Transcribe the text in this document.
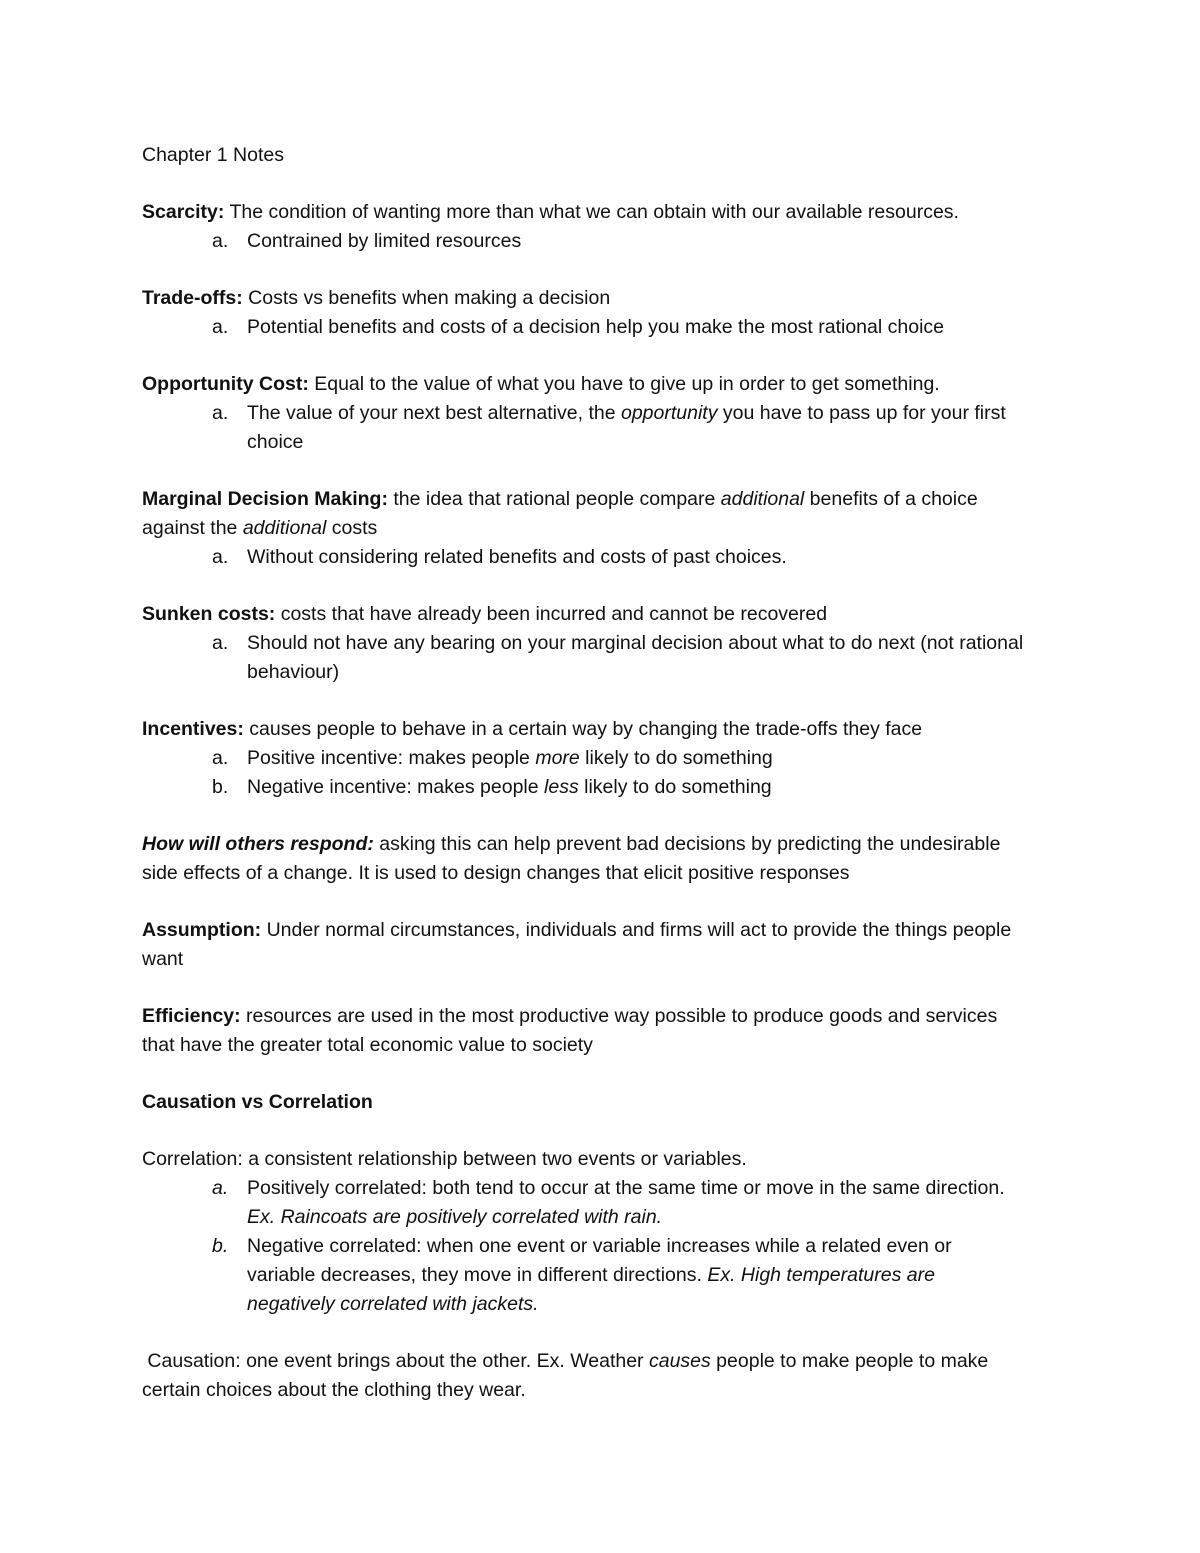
Chapter 1 Notes
Scarcity: The condition of wanting more than what we can obtain with our available resources.
a. Contrained by limited resources
Trade-offs: Costs vs benefits when making a decision
a. Potential benefits and costs of a decision help you make the most rational choice
Opportunity Cost: Equal to the value of what you have to give up in order to get something.
a. The value of your next best alternative, the opportunity you have to pass up for your first choice
Marginal Decision Making: the idea that rational people compare additional benefits of a choice against the additional costs
a. Without considering related benefits and costs of past choices.
Sunken costs: costs that have already been incurred and cannot be recovered
a. Should not have any bearing on your marginal decision about what to do next (not rational behaviour)
Incentives: causes people to behave in a certain way by changing the trade-offs they face
a. Positive incentive: makes people more likely to do something
b. Negative incentive: makes people less likely to do something
How will others respond: asking this can help prevent bad decisions by predicting the undesirable side effects of a change. It is used to design changes that elicit positive responses
Assumption: Under normal circumstances, individuals and firms will act to provide the things people want
Efficiency: resources are used in the most productive way possible to produce goods and services that have the greater total economic value to society
Causation vs Correlation
Correlation: a consistent relationship between two events or variables.
a. Positively correlated: both tend to occur at the same time or move in the same direction. Ex. Raincoats are positively correlated with rain.
b. Negative correlated: when one event or variable increases while a related even or variable decreases, they move in different directions. Ex. High temperatures are negatively correlated with jackets.
Causation: one event brings about the other. Ex. Weather causes people to make people to make certain choices about the clothing they wear.
